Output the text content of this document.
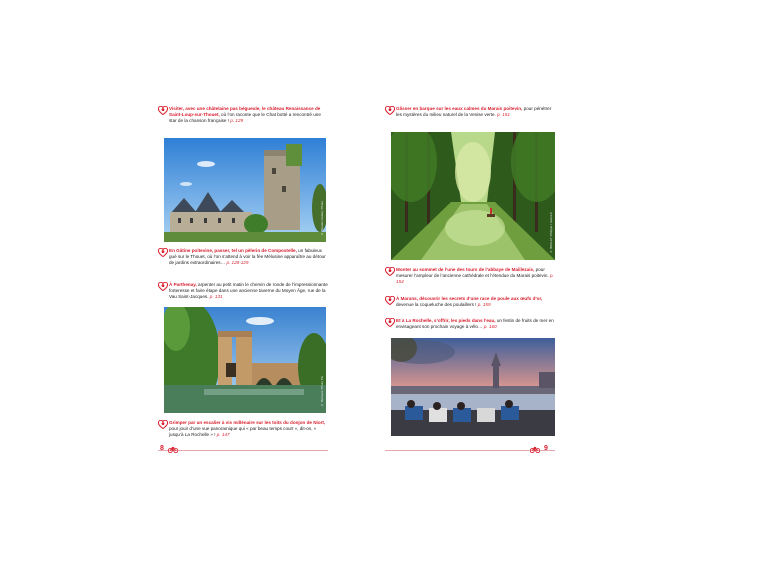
Visiter, avec une châtelaine pas bégueule, le château Renaissance de Saint-Loup-sur-Thouet, où l’on raconte que le Chat botté a rencontré une star de la chanson française ! p. 129
© Nicolas Fediuk / Photo
En Gâtine poitevine, passer, tel un pèlerin de Compostelle, un fabuleux gué sur le Thouet, où l’on s’attend à voir la fée Mélusine apparaître au détour de jardins extraordinaires… p. 128-129
À Parthenay, arpenter au petit matin le chemin de ronde de l’impressionnante forteresse et faire étape dans une ancienne taverne du Moyen Âge, rue de la Vau Saint-Jacques. p. 131
© Bernard / Photo Pix
Grimper par un escalier à vis millénaire sur les toits du donjon de Niort, pour jouir d’une vue panoramique qui « par beau temps court », dit-on, « jusqu’à La Rochelle » ! p. 147
Glisser en barque sur les eaux calmes du Marais poitevin, pour pénétrer les mystères du milieu naturel de la Venise verte. p. 151
© BRAULT Philippe / Hemis.fr
Monter au sommet de l’une des tours de l’abbaye de Maillezais, pour mesurer l’ampleur de l’ancienne cathédrale et l’étendue du Marais poitevin. p. 154
À Marans, découvrir les secrets d’une race de poule aux œufs d’or, devenue la coqueluche des poulaillers ! p. 159
Et à La Rochelle, s’offrir, les pieds dans l’eau, un festin de fruits de mer en envisageant son prochain voyage à vélo… p. 160
8	9
